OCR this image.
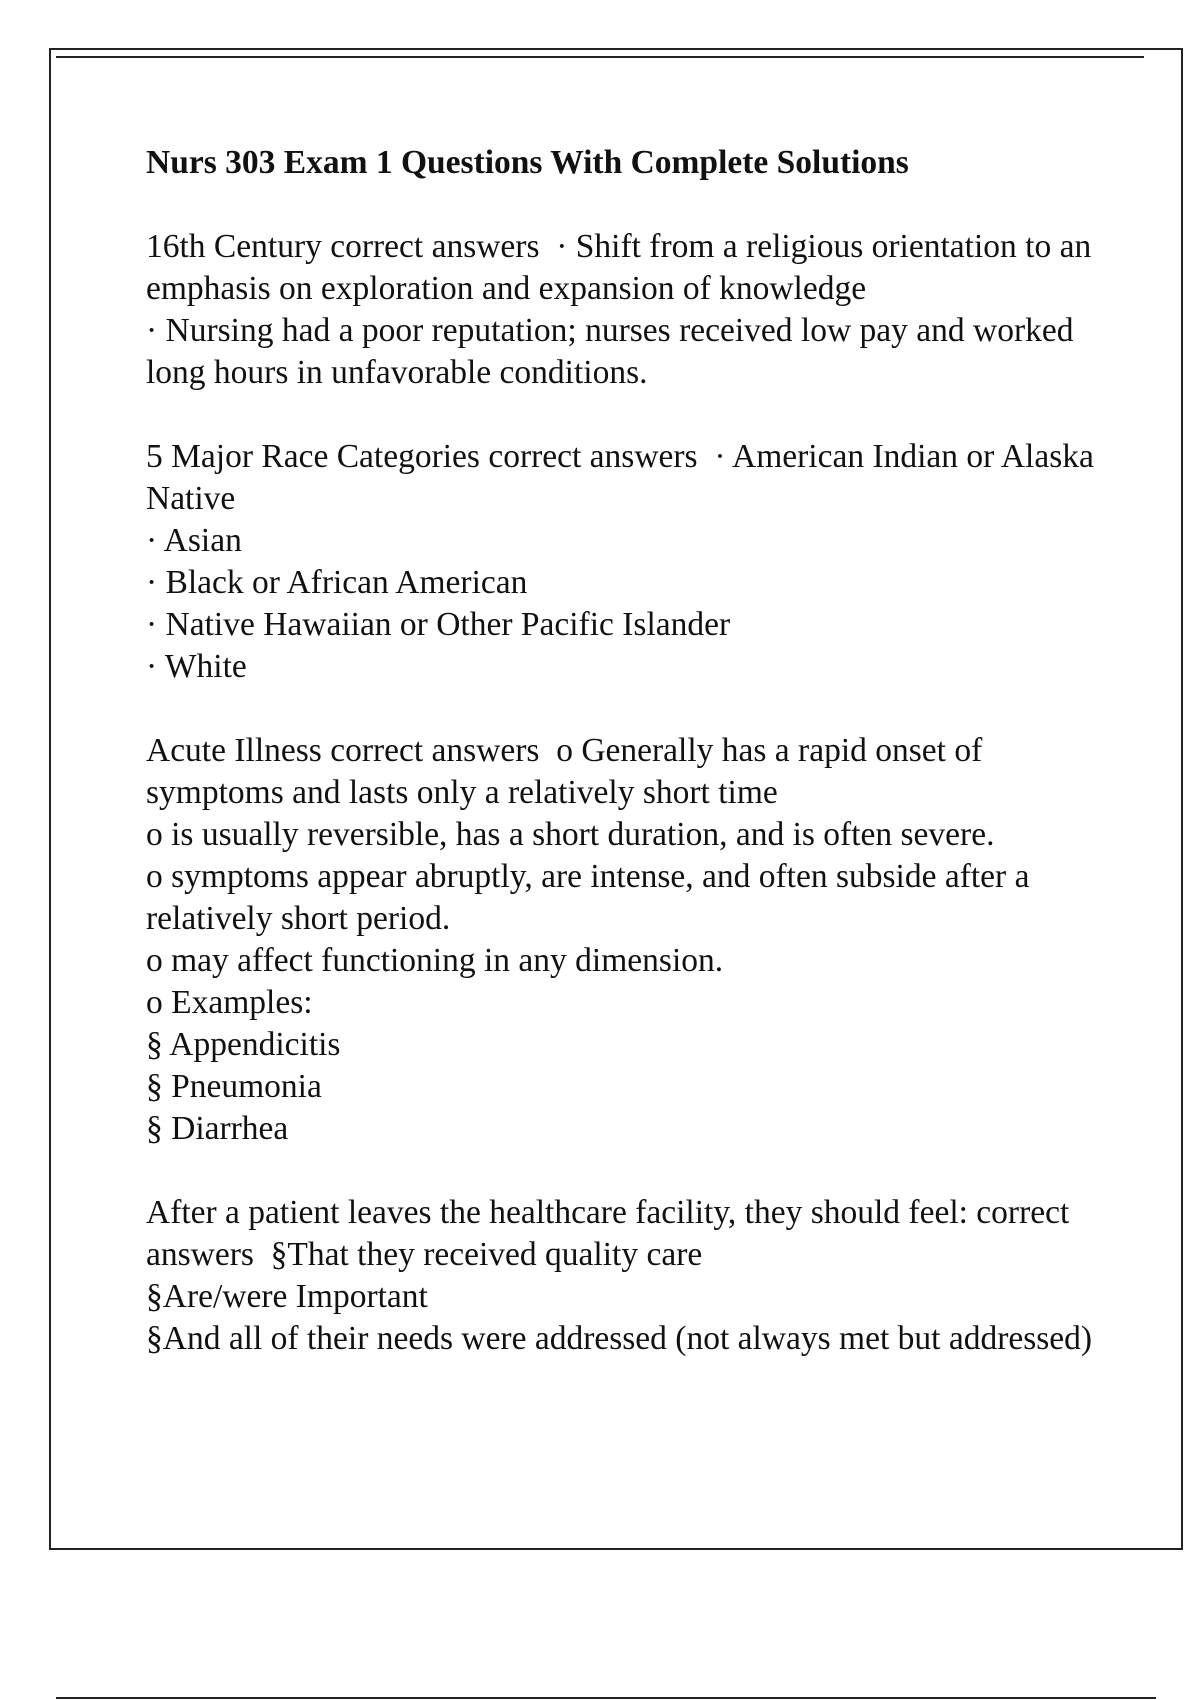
Nurs 303 Exam 1 Questions With Complete Solutions

16th Century correct answers  · Shift from a religious orientation to an emphasis on exploration and expansion of knowledge

· Nursing had a poor reputation; nurses received low pay and worked long hours in unfavorable conditions.

5 Major Race Categories correct answers  · American Indian or Alaska Native

· Asian

· Black or African American

· Native Hawaiian or Other Pacific Islander

· White

Acute Illness correct answers  o Generally has a rapid onset of symptoms and lasts only a relatively short time

o is usually reversible, has a short duration, and is often severe.

o symptoms appear abruptly, are intense, and often subside after a relatively short period.

o may affect functioning in any dimension.

o Examples:

§ Appendicitis

§ Pneumonia

§ Diarrhea

After a patient leaves the healthcare facility, they should feel: correct answers  §That they received quality care

§Are/were Important

§And all of their needs were addressed (not always met but addressed)
